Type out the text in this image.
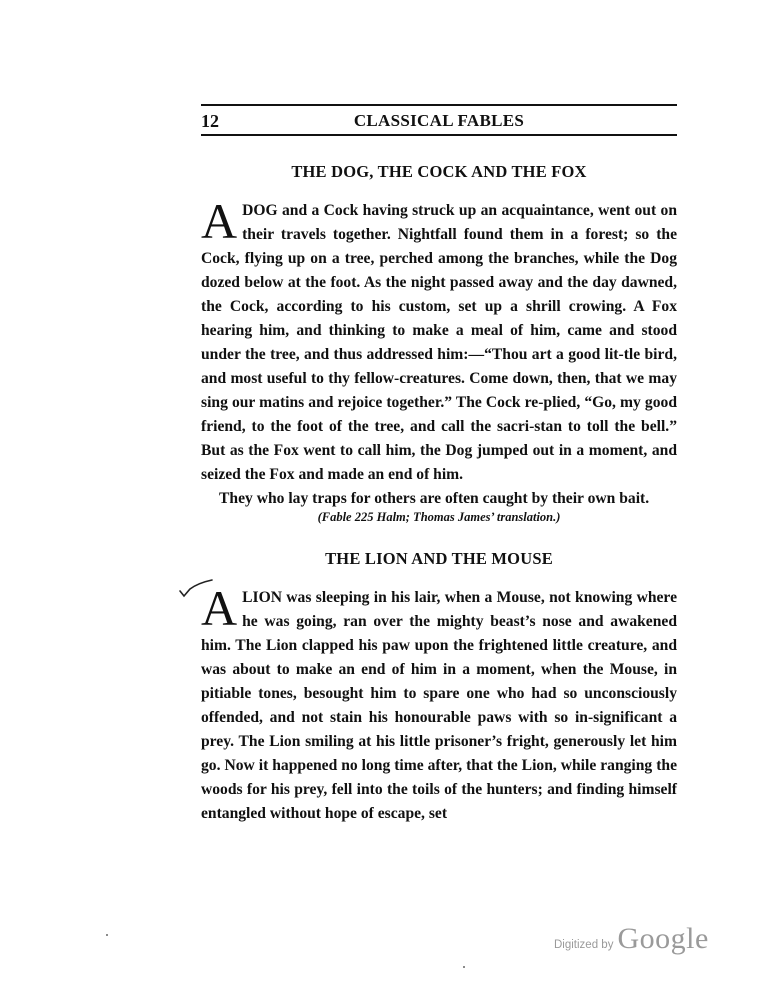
12	CLASSICAL FABLES
THE DOG, THE COCK AND THE FOX
ADOG and a Cock having struck up an acquaintance, went out on their travels together. Nightfall found them in a forest; so the Cock, flying up on a tree, perched among the branches, while the Dog dozed below at the foot. As the night passed away and the day dawned, the Cock, according to his custom, set up a shrill crowing. A Fox hearing him, and thinking to make a meal of him, came and stood under the tree, and thus addressed him:—“Thou art a good lit-tle bird, and most useful to thy fellow-creatures. Come down, then, that we may sing our matins and rejoice together.” The Cock re-plied, “Go, my good friend, to the foot of the tree, and call the sacri-stan to toll the bell.” But as the Fox went to call him, the Dog jumped out in a moment, and seized the Fox and made an end of him.
They who lay traps for others are often caught by their own bait.
(Fable 225 Halm; Thomas James’ translation.)
THE LION AND THE MOUSE
ALION was sleeping in his lair, when a Mouse, not knowing where he was going, ran over the mighty beast’s nose and awakened him. The Lion clapped his paw upon the frightened little creature, and was about to make an end of him in a moment, when the Mouse, in pitiable tones, besought him to spare one who had so unconsciously offended, and not stain his honourable paws with so in-significant a prey. The Lion smiling at his little prisoner’s fright, generously let him go. Now it happened no long time after, that the Lion, while ranging the woods for his prey, fell into the toils of the hunters; and finding himself entangled without hope of escape, set
Digitized by Google
